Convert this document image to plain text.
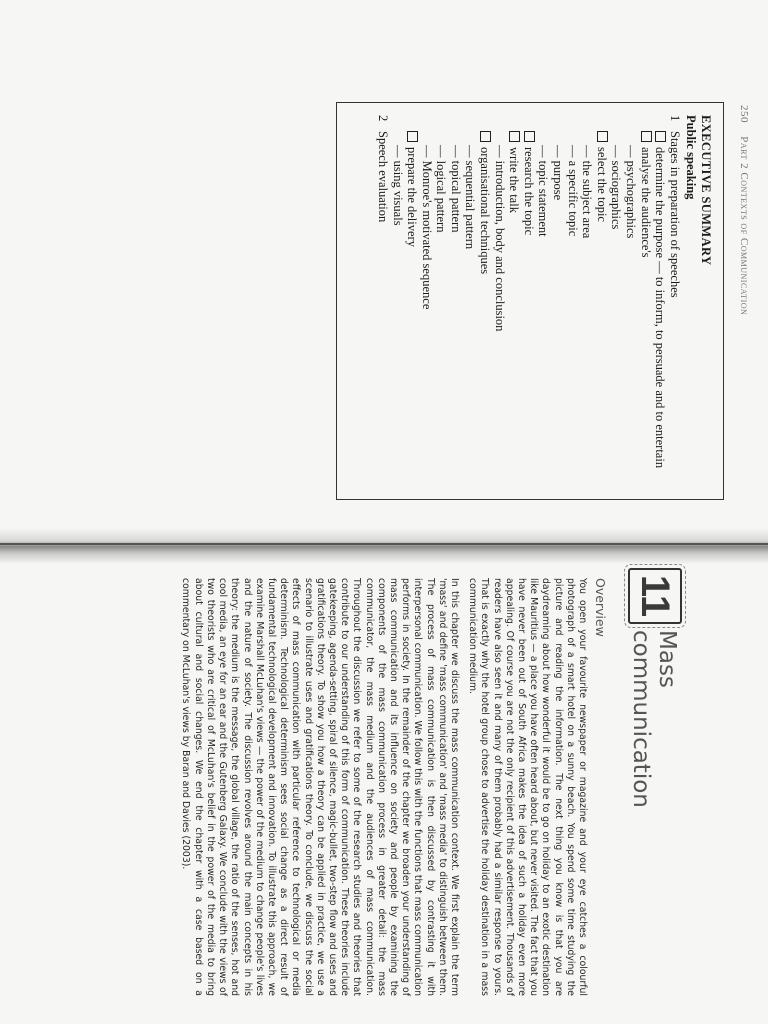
250 Part 2 Contexts of Communication
EXECUTIVE SUMMARY
Public speaking
1Stages in preparation of speeches
determine the purpose — to inform, to persuade and to entertain
analyse the audience's
— psychographics
— sociographics
select the topic
— the subject area
— a specific topic
— purpose
— topic statement
research the topic
write the talk
— introduction, body and conclusion
organisational techniques
— sequential pattern
— topical pattern
— logical pattern
— Monroe's motivated sequence
prepare the delivery
— using visuals
2Speech evaluation
11
Mass
communication
Overview

You open your favourite newspaper or magazine and your eye catches a colourful photograph of a smart hotel on a sunny beach. You spend some time studying the picture and reading the information. The next thing you know is that you are daydreaming about how wonderful it would be to go on holiday to an exotic destination like Mauritius — a place you have often heard about, but never visited. The fact that you have never been out of South Africa makes the idea of such a holiday even more appealing. Of course you are not the only recipient of this advertisement. Thousands of readers have also seen it and many of them probably had a similar response to yours. That is exactly why the hotel group chose to advertise the holiday destination in a mass communication medium.

In this chapter we discuss the mass communication context. We first explain the term 'mass' and define 'mass communication' and 'mass media' to distinguish between them. The process of mass communication is then discussed by contrasting it with interpersonal communication. We follow this with the functions that mass communication performs in society. In the remainder of the chapter we broaden your understanding of mass communication and its influence on society and people by examining the components of the mass communication process in greater detail: the mass communicator, the mass medium and the audiences of mass communication. Throughout the discussion we refer to some of the research studies and theories that contribute to our understanding of this form of communication. These theories include gatekeeping, agenda-setting, spiral of silence, magic-bullet, two-step flow and uses and gratifications theory. To show you how a theory can be applied in practice, we use a scenario to illustrate uses and gratifications theory. To conclude, we discuss the social effects of mass communication with particular reference to technological or media determinism. Technological determinism sees social change as a direct result of fundamental technological development and innovation. To illustrate this approach, we examine Marshall McLuhan's views — the power of the medium to change people's lives and the nature of society. The discussion revolves around the main concepts in his theory: the medium is the message, the global village, the ratio of the senses, hot and cool media, an eye for an ear and the Gutenberg Galaxy. We conclude with the views of two theorists who are critical of McLuhan's belief in the power of the media to bring about cultural and social changes. We end the chapter with a case based on a commentary on McLuhan's views by Baran and Davies (2003).
